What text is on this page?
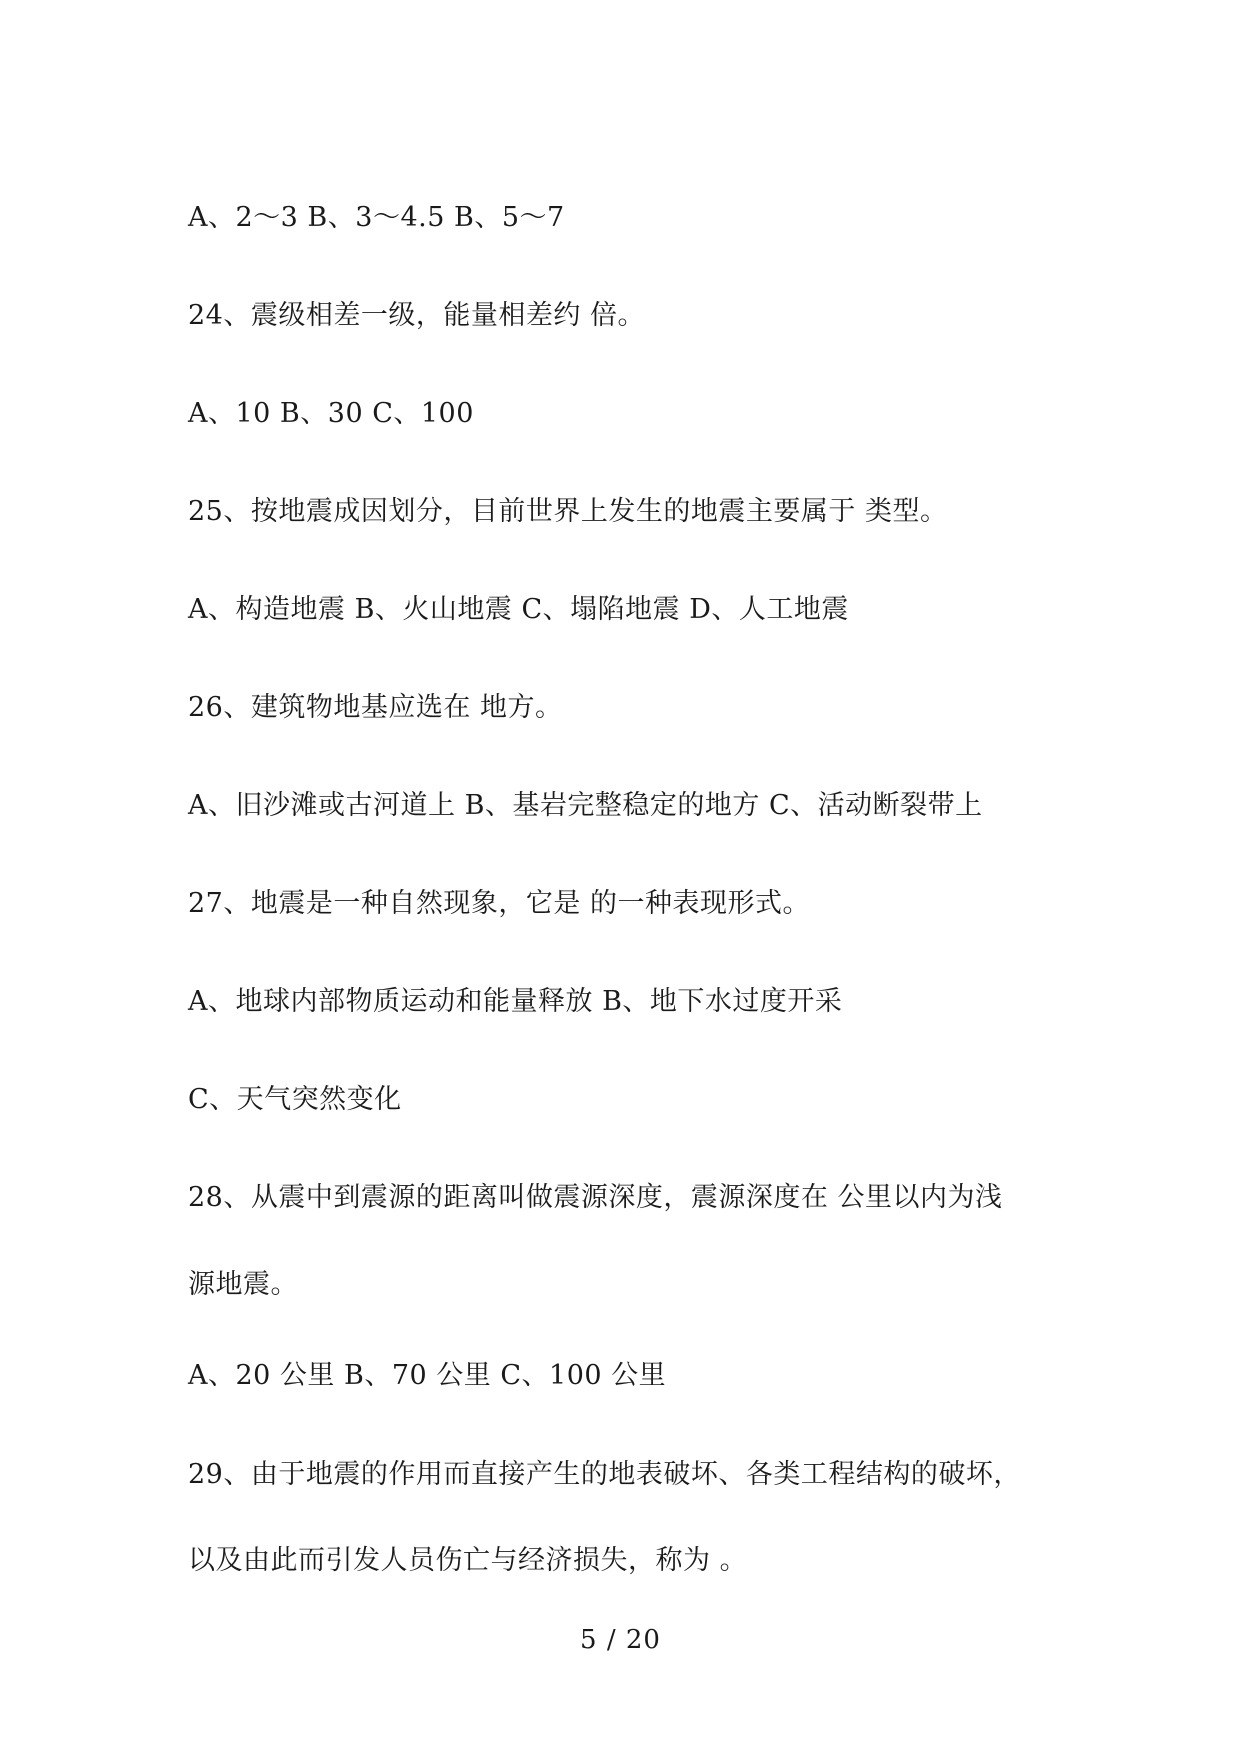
A、2～3 B、3～4.5 B、5～7
24、震级相差一级，能量相差约 倍。
A、10 B、30 C、100
25、按地震成因划分，目前世界上发生的地震主要属于 类型。
A、构造地震 B、火山地震 C、塌陷地震 D、人工地震
26、建筑物地基应选在 地方。
A、旧沙滩或古河道上 B、基岩完整稳定的地方 C、活动断裂带上
27、地震是一种自然现象，它是 的一种表现形式。
A、地球内部物质运动和能量释放 B、地下水过度开采
C、天气突然变化
28、从震中到震源的距离叫做震源深度，震源深度在 公里以内为浅
源地震。
A、20 公里 B、70 公里 C、100 公里
29、由于地震的作用而直接产生的地表破坏、各类工程结构的破坏，
以及由此而引发人员伤亡与经济损失，称为 。
5 / 20
